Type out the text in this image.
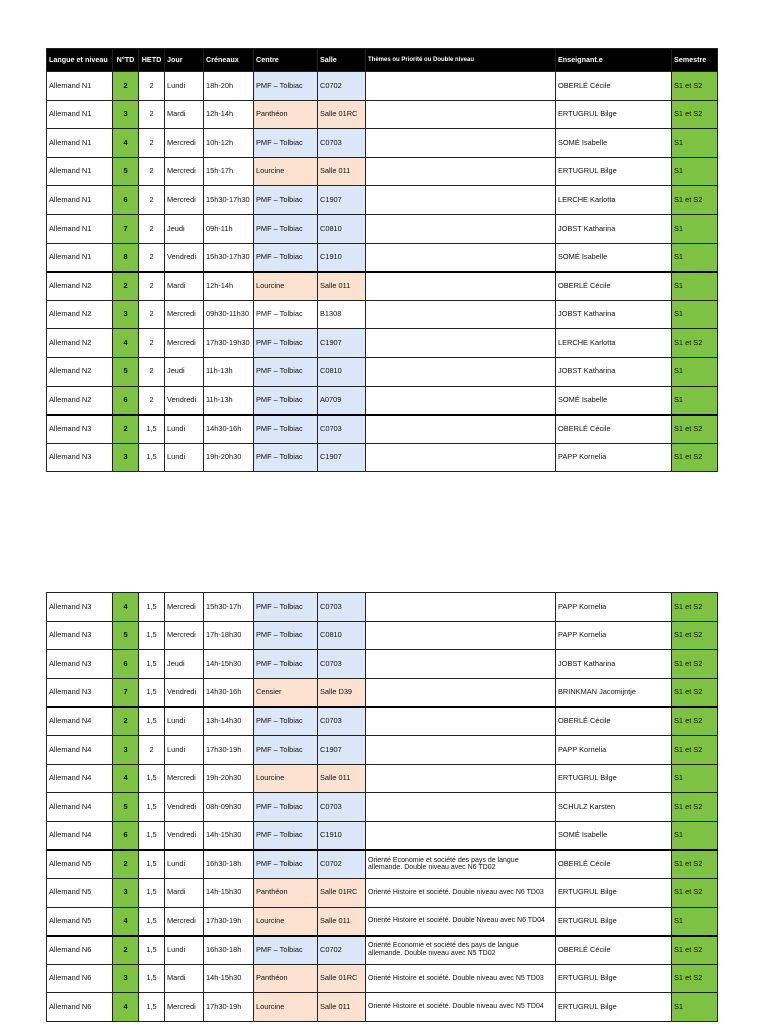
Langue et niveau	N°TD	HETD	Jour	Créneaux	Centre	Salle	Thèmes ou Priorité ou Double niveau	Enseignant.e	Semestre
Allemand N1	2	2	Lundi	18h-20h	PMF – Tolbiac	C0702		OBERLÉ Cécile	S1 et S2
Allemand N1	3	2	Mardi	12h-14h	Panthéon	Salle 01RC		ERTUGRUL Bilge	S1 et S2
Allemand N1	4	2	Mercredi	10h-12h	PMF – Tolbiac	C0703		SOMÉ Isabelle	S1
Allemand N1	5	2	Mercredi	15h-17h	Lourcine	Salle 011		ERTUGRUL Bilge	S1
Allemand N1	6	2	Mercredi	15h30-17h30	PMF – Tolbiac	C1907		LERCHE Karlotta	S1 et S2
Allemand N1	7	2	Jeudi	09h-11h	PMF – Tolbiac	C0810		JOBST Katharina	S1
Allemand N1	8	2	Vendredi	15h30-17h30	PMF – Tolbiac	C1910		SOMÉ Isabelle	S1
Allemand N2	2	2	Mardi	12h-14h	Lourcine	Salle 011		OBERLÉ Cécile	S1
Allemand N2	3	2	Mercredi	09h30-11h30	PMF – Tolbiac	B1308		JOBST Katharina	S1
Allemand N2	4	2	Mercredi	17h30-19h30	PMF – Tolbiac	C1907		LERCHE Karlotta	S1 et S2
Allemand N2	5	2	Jeudi	11h-13h	PMF – Tolbiac	C0810		JOBST Katharina	S1
Allemand N2	6	2	Vendredi	11h-13h	PMF – Tolbiac	A0709		SOMÉ Isabelle	S1
Allemand N3	2	1,5	Lundi	14h30-16h	PMF – Tolbiac	C0703		OBERLÉ Cécile	S1 et S2
Allemand N3	3	1,5	Lundi	19h-20h30	PMF – Tolbiac	C1907		PAPP Kornelia	S1 et S2
Allemand N3	4	1,5	Mercredi	15h30-17h	PMF – Tolbiac	C0703		PAPP Kornelia	S1 et S2
Allemand N3	5	1,5	Mercredi	17h-18h30	PMF – Tolbiac	C0810		PAPP Kornelia	S1 et S2
Allemand N3	6	1,5	Jeudi	14h-15h30	PMF – Tolbiac	C0703		JOBST Katharina	S1 et S2
Allemand N3	7	1,5	Vendredi	14h30-16h	Censier	Salle D39		BRINKMAN Jacomijntje	S1 et S2
Allemand N4	2	1,5	Lundi	13h-14h30	PMF – Tolbiac	C0703		OBERLÉ Cécile	S1 et S2
Allemand N4	3	2	Lundi	17h30-19h	PMF – Tolbiac	C1907		PAPP Kornelia	S1 et S2
Allemand N4	4	1,5	Mercredi	19h-20h30	Lourcine	Salle 011		ERTUGRUL Bilge	S1
Allemand N4	5	1,5	Vendredi	08h-09h30	PMF – Tolbiac	C0703		SCHULZ Karsten	S1 et S2
Allemand N4	6	1,5	Vendredi	14h-15h30	PMF – Tolbiac	C1910		SOMÉ Isabelle	S1
Allemand N5	2	1,5	Lundi	16h30-18h	PMF – Tolbiac	C0702	Orienté Economie et société des pays de langue allemande. Double niveau avec N6 TD02	OBERLÉ Cécile	S1 et S2
Allemand N5	3	1,5	Mardi	14h-15h30	Panthéon	Salle 01RC	Orienté Histoire et société. Double niveau avec N6 TD03	ERTUGRUL Bilge	S1 et S2
Allemand N5	4	1,5	Mercredi	17h30-19h	Lourcine	Salle 011	Orienté Histoire et société. Double Niveau avec N6 TD04	ERTUGRUL Bilge	S1
Allemand N6	2	1,5	Lundi	16h30-18h	PMF – Tolbiac	C0702	Orienté Economie et société des pays de langue allemande. Double niveau avec N5 TD02	OBERLÉ Cécile	S1 et S2
Allemand N6	3	1,5	Mardi	14h-15h30	Panthéon	Salle 01RC	Orienté Histoire et société. Double niveau avec N5 TD03	ERTUGRUL Bilge	S1 et S2
Allemand N6	4	1,5	Mercredi	17h30-19h	Lourcine	Salle 011	Orienté Histoire et société. Double niveau avec N5 TD04	ERTUGRUL Bilge	S1
